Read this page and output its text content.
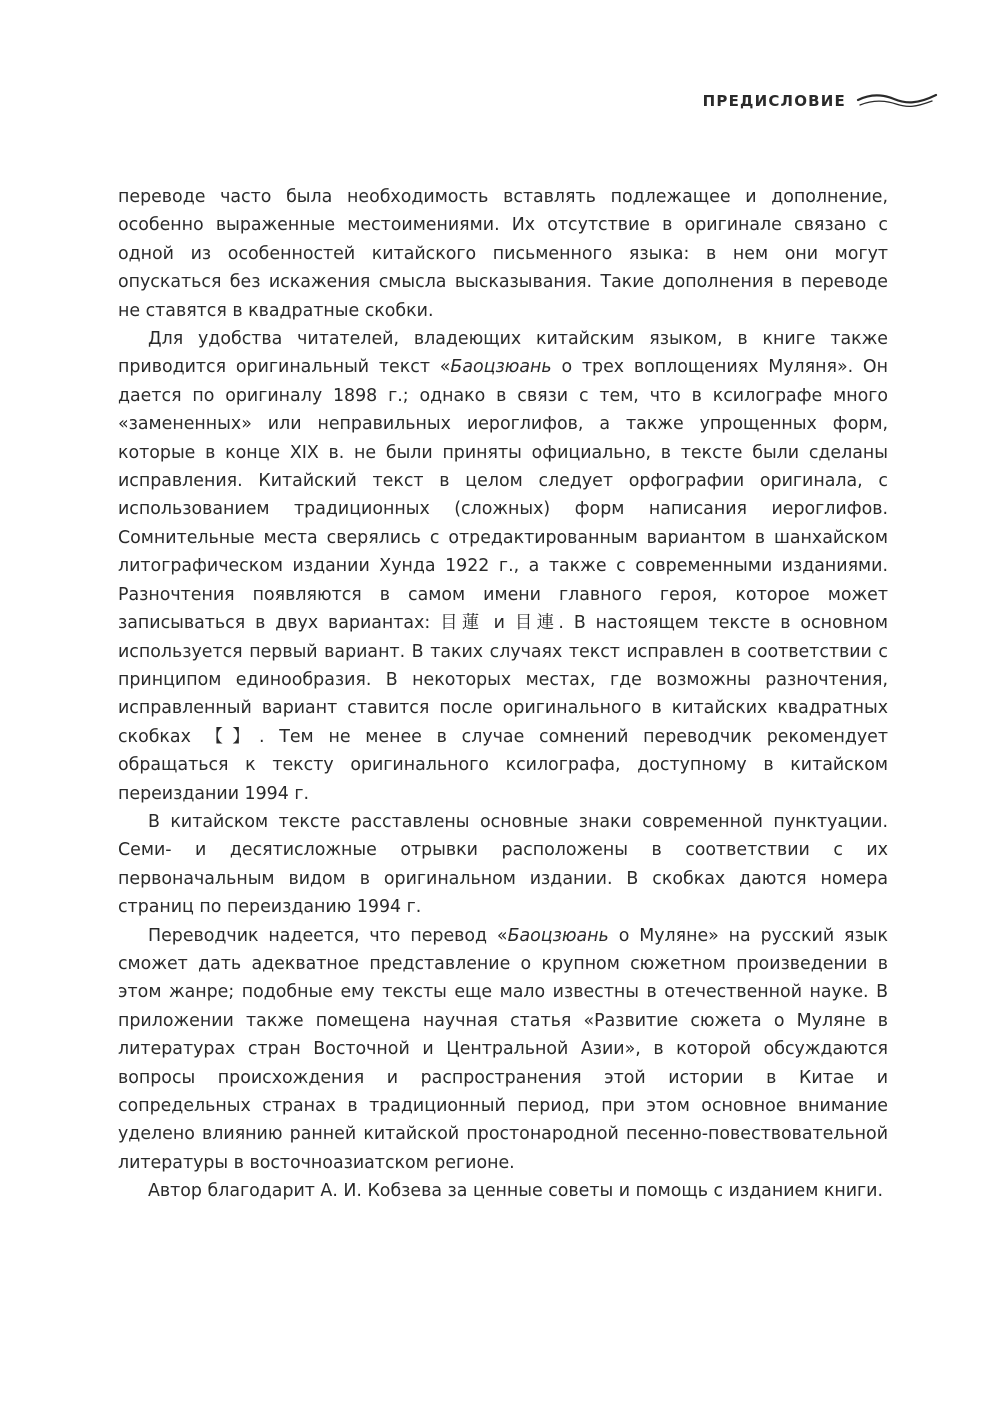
ПРЕДИСЛОВИЕ

переводе часто была необходимость вставлять подлежащее и дополнение, особенно выраженные местоимениями. Их отсутствие в оригинале связано с одной из особенностей китайского письменного языка: в нем они могут опускаться без искажения смысла высказывания. Такие дополнения в переводе не ставятся в квадратные скобки.

Для удобства читателей, владеющих китайским языком, в книге также приводится оригинальный текст «Баоцзюань о трех воплощениях Муляня». Он дается по оригиналу 1898 г.; однако в связи с тем, что в ксилографе много «замененных» или неправильных иероглифов, а также упрощенных форм, которые в конце XIX в. не были приняты официально, в тексте были сделаны исправления. Китайский текст в целом следует орфографии оригинала, с использованием традиционных (сложных) форм написания иероглифов. Сомнительные места сверялись с отредактированным вариантом в шанхайском литографическом издании Хунда 1922 г., а также с современными изданиями. Разночтения появляются в самом имени главного героя, которое может записываться в двух вариантах: 目蓮 и 目連. В настоящем тексте в основном используется первый вариант. В таких случаях текст исправлен в соответствии с принципом единообразия. В некоторых местах, где возможны разночтения, исправленный вариант ставится после оригинального в китайских квадратных скобках 【】. Тем не менее в случае сомнений переводчик рекомендует обращаться к тексту оригинального ксилографа, доступному в китайском переиздании 1994 г.

В китайском тексте расставлены основные знаки современной пунктуации. Семи- и десятисложные отрывки расположены в соответствии с их первоначальным видом в оригинальном издании. В скобках даются номера страниц по переизданию 1994 г.

Переводчик надеется, что перевод «Баоцзюань о Муляне» на русский язык сможет дать адекватное представление о крупном сюжетном произведении в этом жанре; подобные ему тексты еще мало известны в отечественной науке. В приложении также помещена научная статья «Развитие сюжета о Муляне в литературах стран Восточной и Центральной Азии», в которой обсуждаются вопросы происхождения и распространения этой истории в Китае и сопредельных странах в традиционный период, при этом основное внимание уделено влиянию ранней китайской простонародной песенно-повествовательной литературы в восточноазиатском регионе.

Автор благодарит А. И. Кобзева за ценные советы и помощь с изданием книги.
